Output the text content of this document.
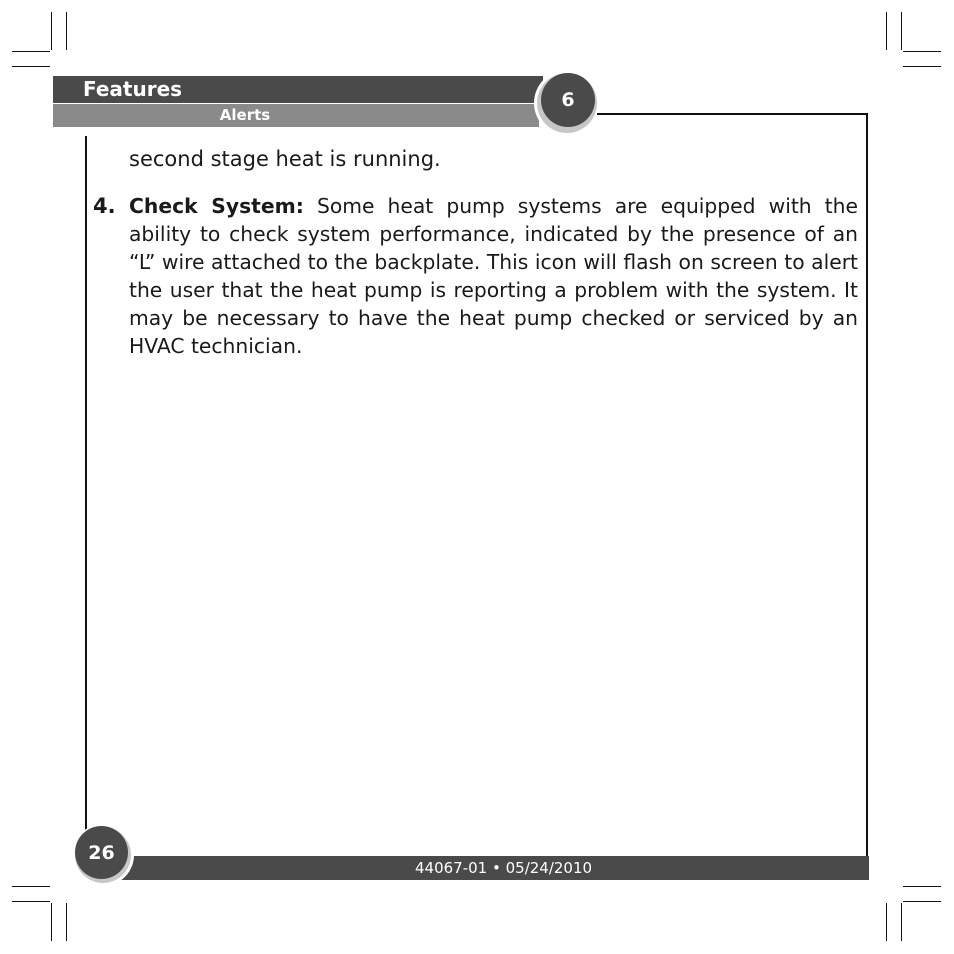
Features
Alerts
6

second stage heat is running.

4. Check System: Some heat pump systems are equipped with the ability to check system performance, indicated by the presence of an “L” wire attached to the backplate. This icon will flash on screen to alert the user that the heat pump is reporting a problem with the system. It may be necessary to have the heat pump checked or serviced by an HVAC technician.
44067-01 • 05/24/2010
26
